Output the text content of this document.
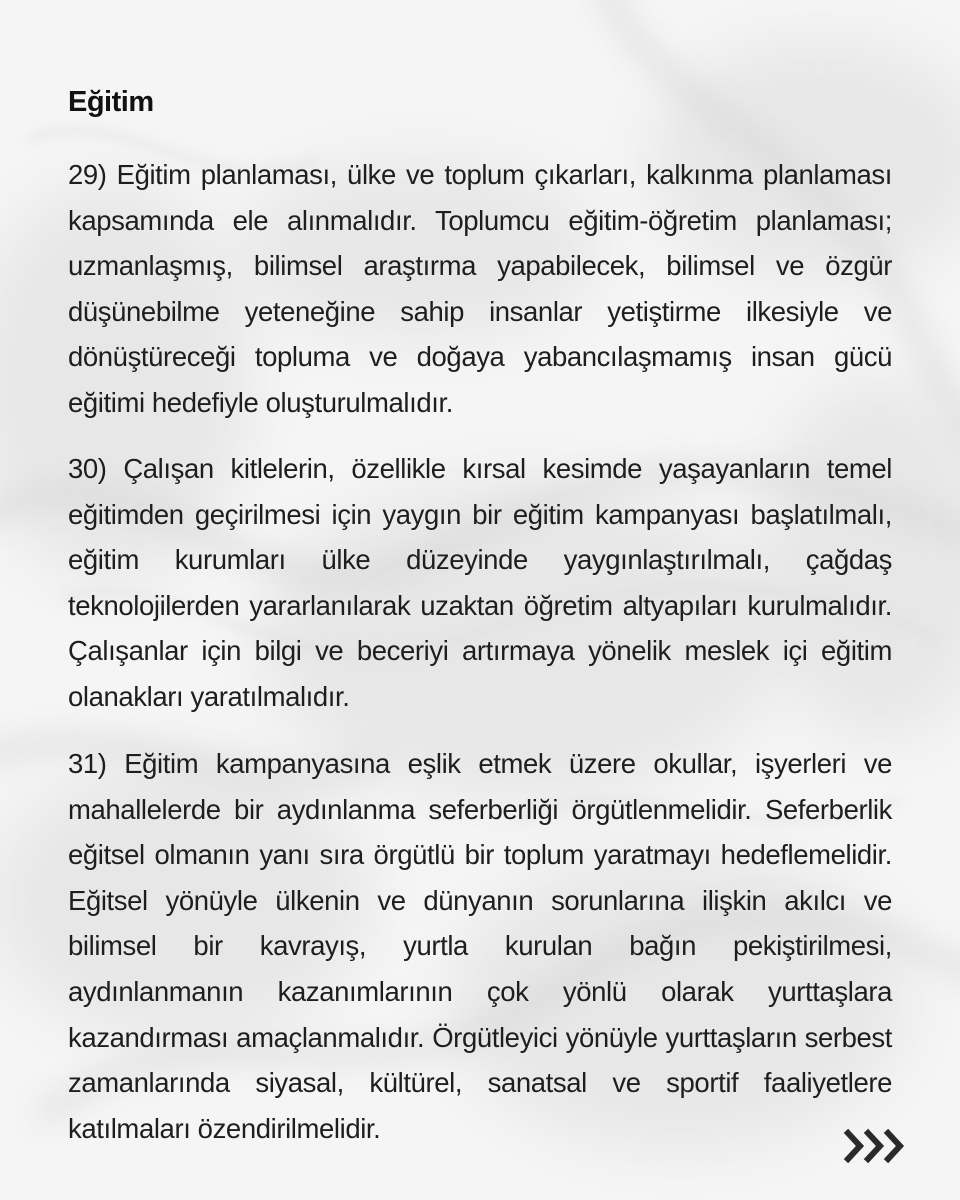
Eğitim

29) Eğitim planlaması, ülke ve toplum çıkarları, kalkınma planlaması kapsamında ele alınmalıdır. Toplumcu eğitim-öğretim planlaması; uzmanlaşmış, bilimsel araştırma yapabilecek, bilimsel ve özgür düşünebilme yeteneğine sahip insanlar yetiştirme ilkesiyle ve dönüştüreceği topluma ve doğaya yabancılaşmamış insan gücü eğitimi hedefiyle oluşturulmalıdır.

30) Çalışan kitlelerin, özellikle kırsal kesimde yaşayanların temel eğitimden geçirilmesi için yaygın bir eğitim kampanyası başlatılmalı, eğitim kurumları ülke düzeyinde yaygınlaştırılmalı, çağdaş teknolojilerden yararlanılarak uzaktan öğretim altyapıları kurulmalıdır. Çalışanlar için bilgi ve beceriyi artırmaya yönelik meslek içi eğitim olanakları yaratılmalıdır.

31) Eğitim kampanyasına eşlik etmek üzere okullar, işyerleri ve mahallelerde bir aydınlanma seferberliği örgütlenmelidir. Seferberlik eğitsel olmanın yanı sıra örgütlü bir toplum yaratmayı hedeflemelidir. Eğitsel yönüyle ülkenin ve dünyanın sorunlarına ilişkin akılcı ve bilimsel bir kavrayış, yurtla kurulan bağın pekiştirilmesi, aydınlanmanın kazanımlarının çok yönlü olarak yurttaşlara kazandırması amaçlanmalıdır. Örgütleyici yönüyle yurttaşların serbest zamanlarında siyasal, kültürel, sanatsal ve sportif faaliyetlere katılmaları özendirilmelidir.
